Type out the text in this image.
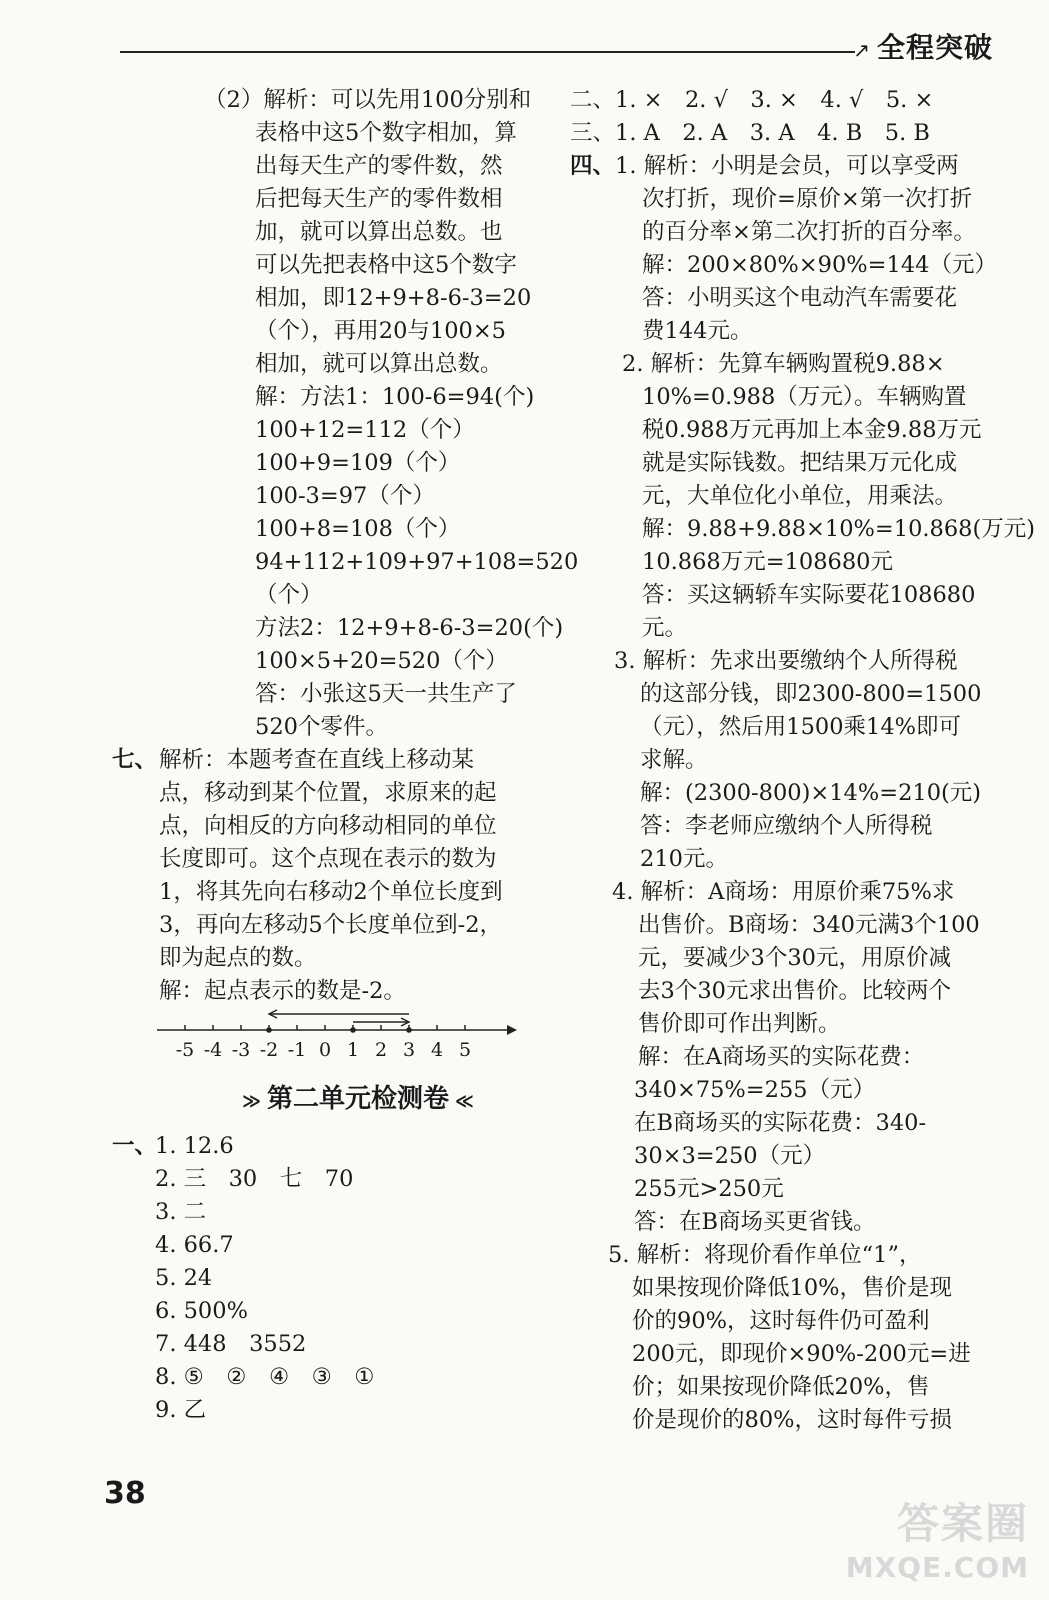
↗ 全程突破
（2）解析：可以先用100分别和
表格中这5个数字相加，算
出每天生产的零件数，然
后把每天生产的零件数相
加，就可以算出总数。也
可以先把表格中这5个数字
相加，即12+9+8-6-3=20
（个），再用20与100×5
相加，就可以算出总数。
解：方法1：100-6=94(个)
100+12=112（个）
100+9=109（个）
100-3=97（个）
100+8=108（个）
94+112+109+97+108=520
（个）
方法2：12+9+8-6-3=20(个)
100×5+20=520（个）
答：小张这5天一共生产了
520个零件。
七、 解析：本题考查在直线上移动某
点，移动到某个位置，求原来的起
点，向相反的方向移动相同的单位
长度即可。这个点现在表示的数为
1，将其先向右移动2个单位长度到
3，再向左移动5个长度单位到-2，
即为起点的数。
解：起点表示的数是-2。
-5 -4 -3 -2 -1 0 1 2 3 4 5
≫ 第二单元检测卷 ≪
一、
1. 12.6
2. 三　30　七　70
3. 二
4. 66.7
5. 24
6. 500%
7. 448　3552
8. ⑤　②　④　③　①
9. 乙
二、1. ×　2. √　3. ×　4. √　5. ×
三、1. A　2. A　3. A　4. B　5. B
四、 1. 解析：小明是会员，可以享受两
次打折，现价=原价×第一次打折
的百分率×第二次打折的百分率。
解：200×80%×90%=144（元）
答：小明买这个电动汽车需要花
费144元。
2. 解析：先算车辆购置税9.88×
10%=0.988（万元）。车辆购置
税0.988万元再加上本金9.88万元
就是实际钱数。把结果万元化成
元，大单位化小单位，用乘法。
解：9.88+9.88×10%=10.868(万元)
10.868万元=108680元
答：买这辆轿车实际要花108680
元。
3. 解析：先求出要缴纳个人所得税
的这部分钱，即2300-800=1500
（元），然后用1500乘14%即可
求解。
解：(2300-800)×14%=210(元)
答：李老师应缴纳个人所得税
210元。
4. 解析：A商场：用原价乘75%求
出售价。B商场：340元满3个100
元，要减少3个30元，用原价减
去3个30元求出售价。比较两个
售价即可作出判断。
解：在A商场买的实际花费：
340×75%=255（元）
在B商场买的实际花费：340-
30×3=250（元）
255元>250元
答：在B商场买更省钱。
5. 解析：将现价看作单位“1”，
如果按现价降低10%，售价是现
价的90%，这时每件仍可盈利
200元，即现价×90%-200元=进
价；如果按现价降低20%，售
价是现价的80%，这时每件亏损
38
答案圈
MXQE.COM
